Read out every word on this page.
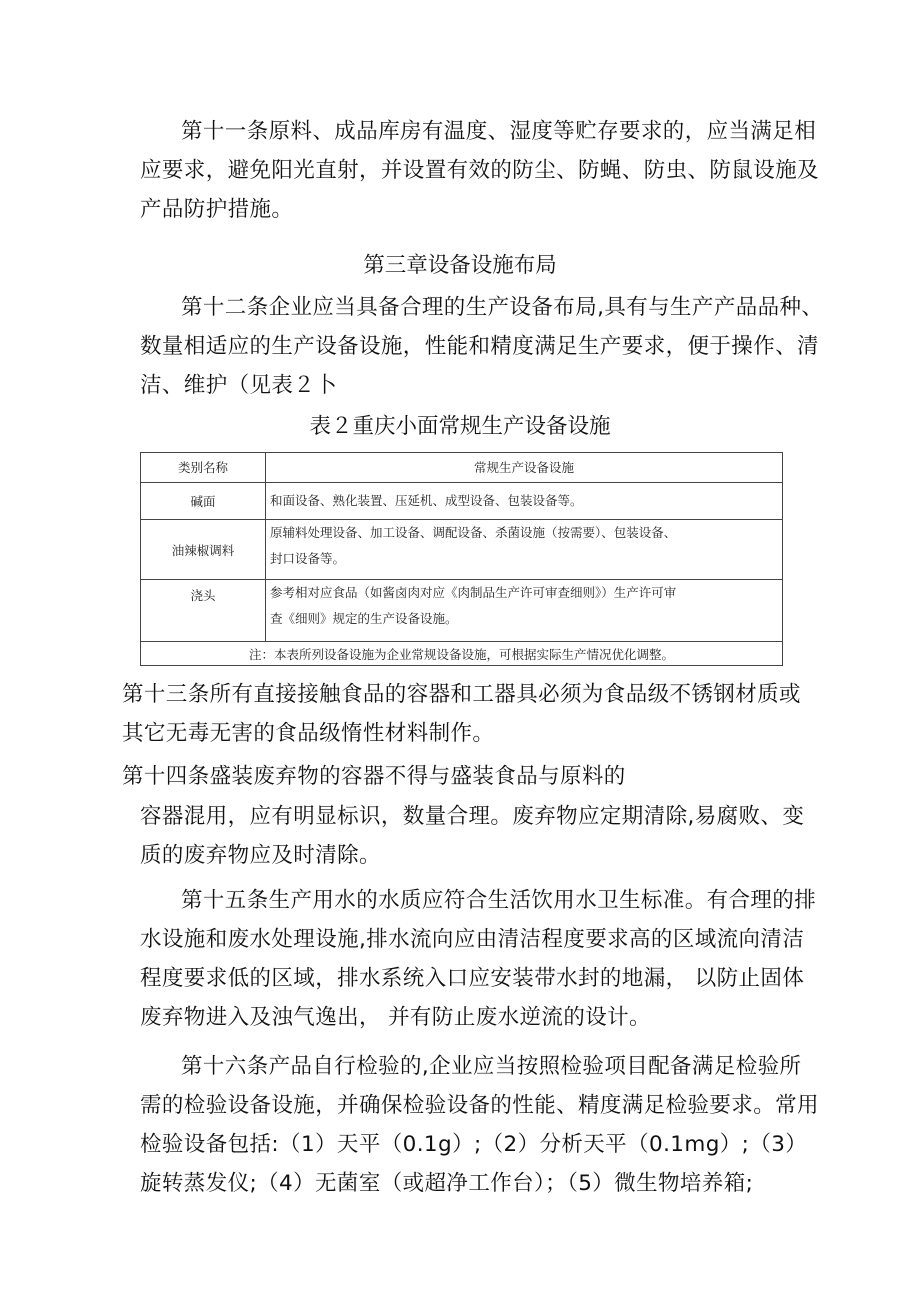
第十一条原料、成品库房有温度、湿度等贮存要求的，应当满足相
应要求，避免阳光直射，并设置有效的防尘、防蝇、防虫、防鼠设施及
产品防护措施。
第三章设备设施布局
第十二条企业应当具备合理的生产设备布局,具有与生产产品品种、
数量相适应的生产设备设施，性能和精度满足生产要求，便于操作、清
洁、维护（见表２卜
表２重庆小面常规生产设备设施
类别名称	常规生产设备设施
碱面	和面设备、熟化装置、压延机、成型设备、包装设备等。

油辣椒调料	原辅料处理设备、加工设备、调配设备、杀菌设施（按需要）、包装设备、
封口设备等。

浇头	参考相对应食品（如酱卤肉对应《肉制品生产许可审查细则》）生产许可审
查《细则》规定的生产设备设施。

注：本表所列设备设施为企业常规设备设施，可根据实际生产情况优化调整。	
第十三条所有直接接触食品的容器和工器具必须为食品级不锈钢材质或
其它无毒无害的食品级惰性材料制作。
第十四条盛装废弃物的容器不得与盛装食品与原料的
容器混用，应有明显标识，数量合理。废弃物应定期清除,易腐败、变
质的废弃物应及时清除。
第十五条生产用水的水质应符合生活饮用水卫生标准。有合理的排
水设施和废水处理设施,排水流向应由清洁程度要求高的区域流向清洁
程度要求低的区域，排水系统入口应安装带水封的地漏， 以防止固体
废弃物进入及浊气逸出， 并有防止废水逆流的设计。
第十六条产品自行检验的,企业应当按照检验项目配备满足检验所
需的检验设备设施，并确保检验设备的性能、精度满足检验要求。常用
检验设备包括:（1）天平（0.1g）;（2）分析天平（0.1mg）;（3）
旋转蒸发仪;（4）无菌室（或超净工作台）；（5）微生物培养箱;
